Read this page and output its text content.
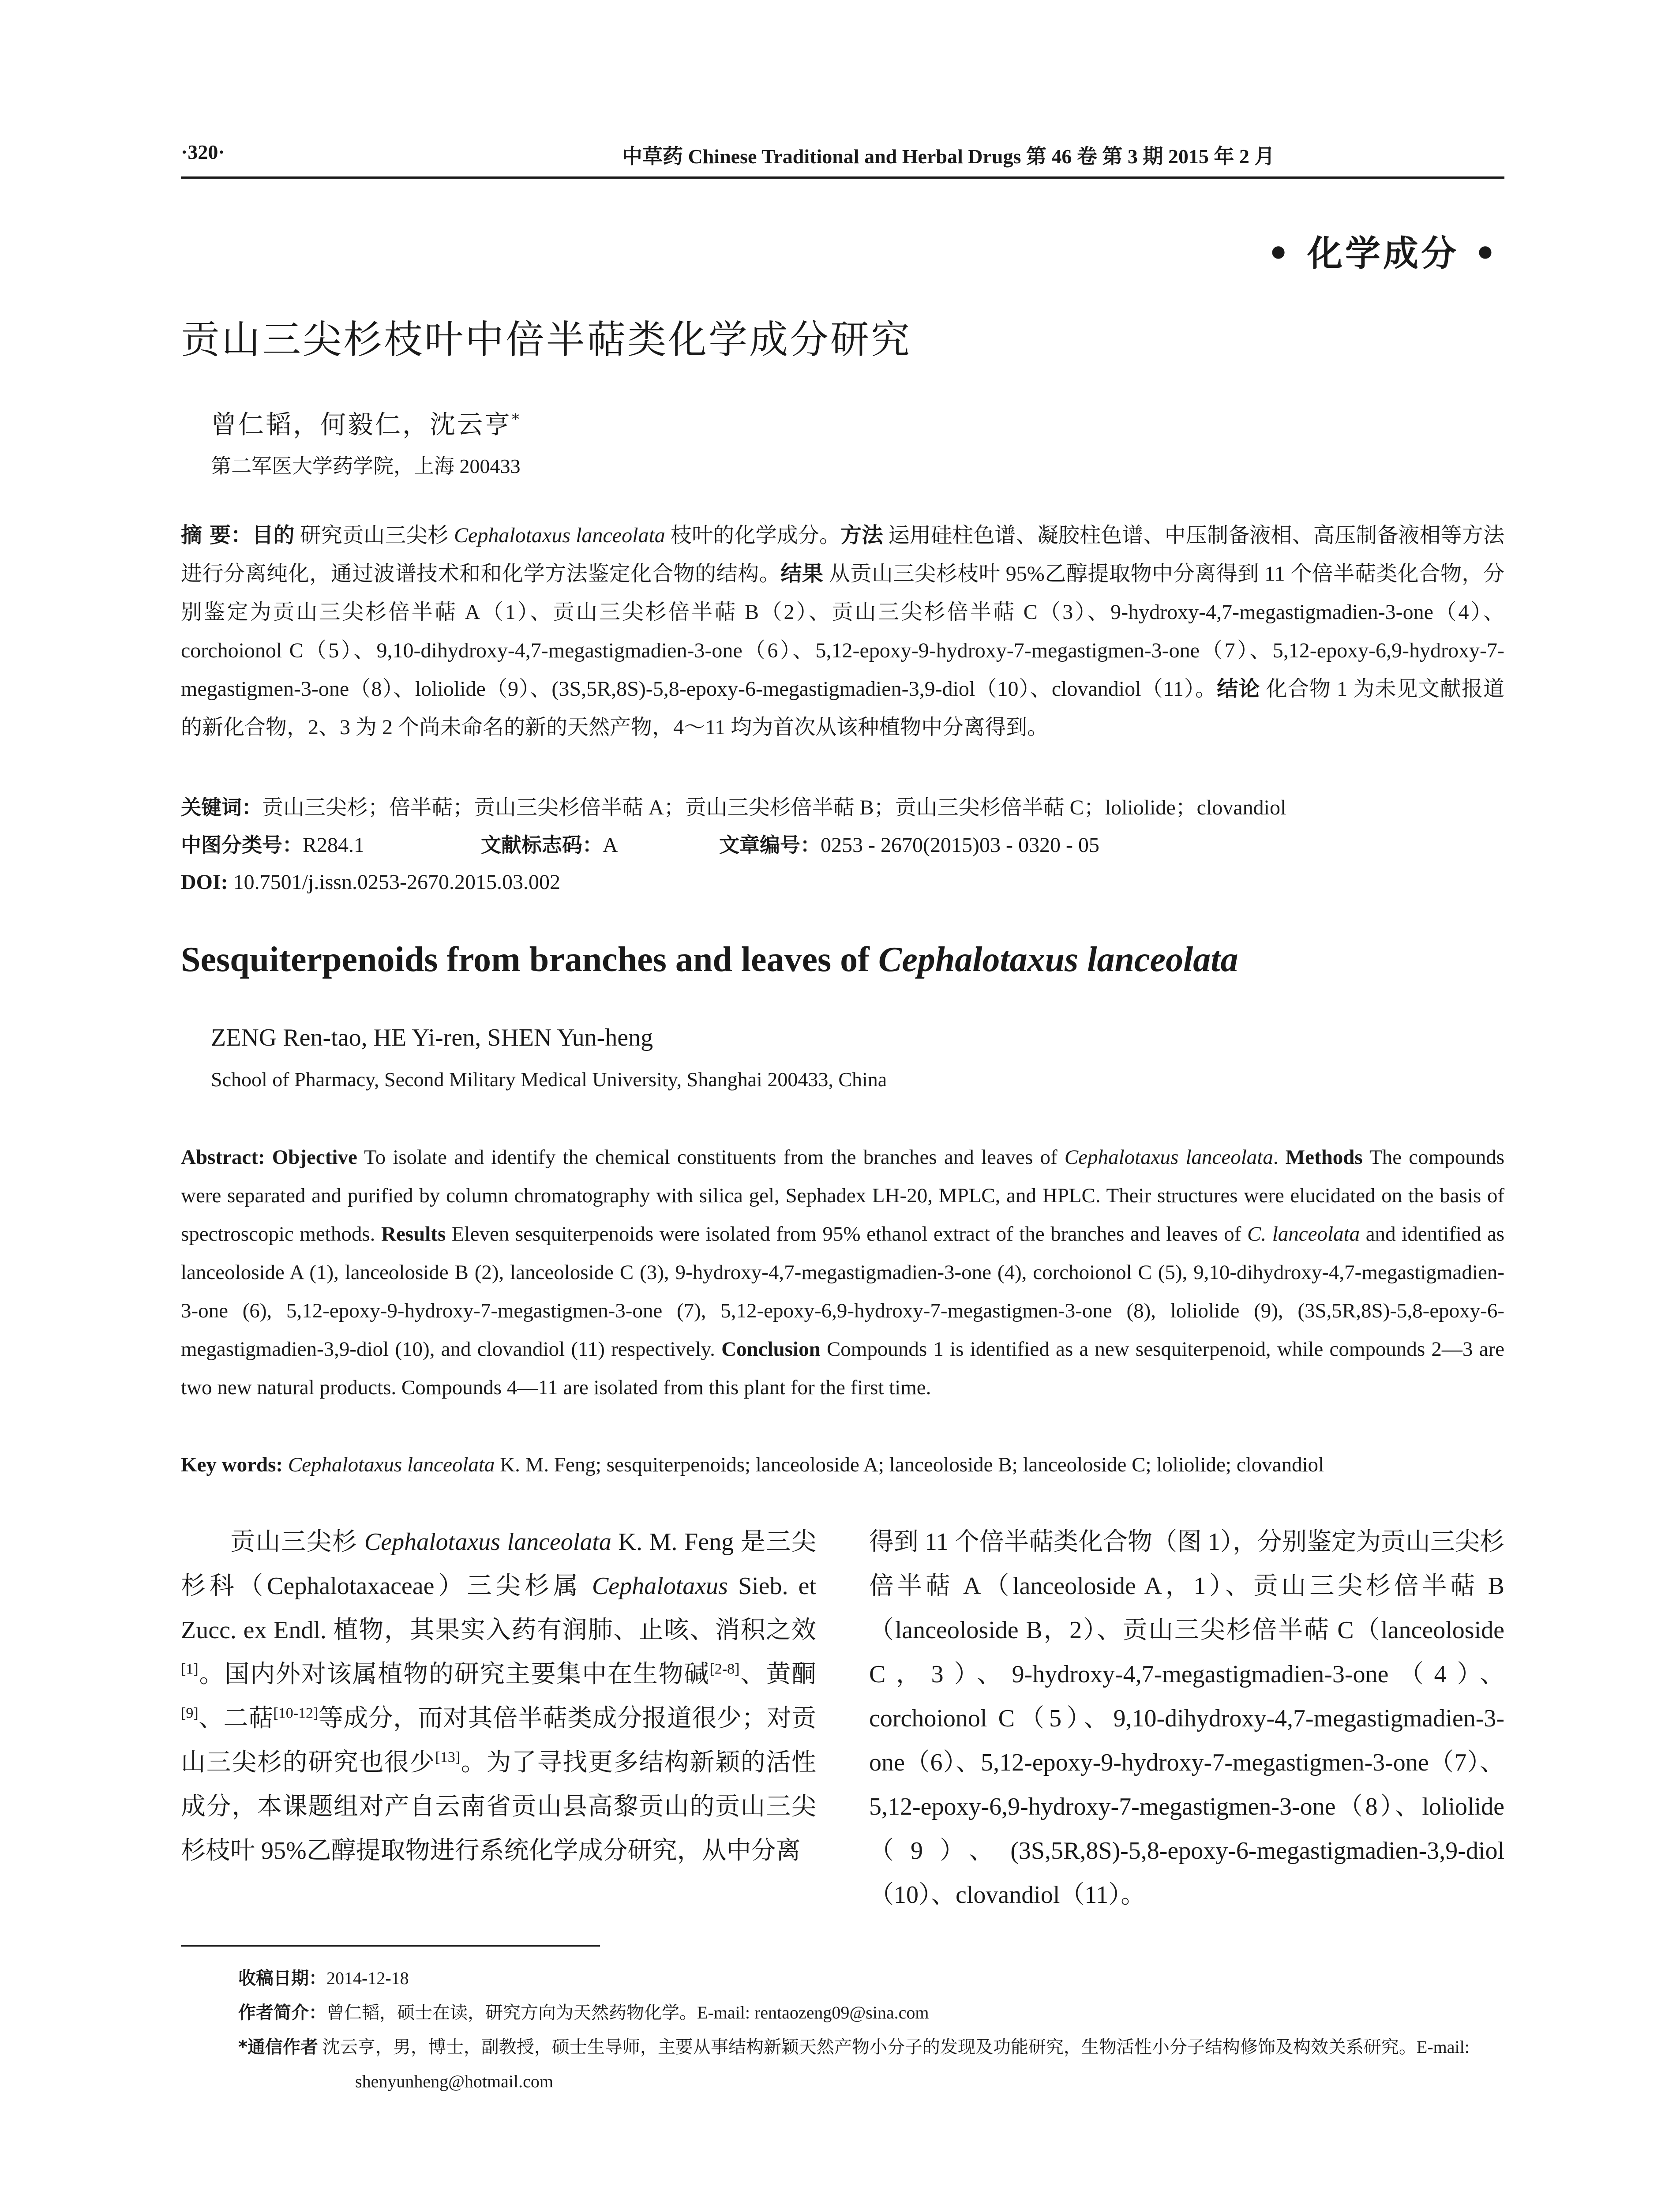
·320·	中草药 Chinese Traditional and Herbal Drugs 第 46 卷 第 3 期 2015 年 2 月
• 化学成分 •
贡山三尖杉枝叶中倍半萜类化学成分研究
曾仁韬，何毅仁，沈云亨*
第二军医大学药学院，上海 200433
摘 要：目的 研究贡山三尖杉 Cephalotaxus lanceolata 枝叶的化学成分。方法 运用硅柱色谱、凝胶柱色谱、中压制备液相、高压制备液相等方法进行分离纯化，通过波谱技术和和化学方法鉴定化合物的结构。结果 从贡山三尖杉枝叶 95%乙醇提取物中分离得到 11 个倍半萜类化合物，分别鉴定为贡山三尖杉倍半萜 A（1）、贡山三尖杉倍半萜 B（2）、贡山三尖杉倍半萜 C（3）、9-hydroxy-4,7-megastigmadien-3-one（4）、corchoionol C（5）、9,10-dihydroxy-4,7-megastigmadien-3-one（6）、5,12-epoxy-9-hydroxy-7-megastigmen-3-one（7）、5,12-epoxy-6,9-hydroxy-7-megastigmen-3-one（8）、loliolide（9）、(3S,5R,8S)-5,8-epoxy-6-megastigmadien-3,9-diol（10）、clovandiol（11）。结论 化合物 1 为未见文献报道的新化合物，2、3 为 2 个尚未命名的新的天然产物，4～11 均为首次从该种植物中分离得到。
关键词：贡山三尖杉；倍半萜；贡山三尖杉倍半萜 A；贡山三尖杉倍半萜 B；贡山三尖杉倍半萜 C；loliolide；clovandiol
中图分类号：R284.1	文献标志码：A	文章编号：0253 - 2670(2015)03 - 0320 - 05
DOI: 10.7501/j.issn.0253-2670.2015.03.002
Sesquiterpenoids from branches and leaves of Cephalotaxus lanceolata
ZENG Ren-tao, HE Yi-ren, SHEN Yun-heng
School of Pharmacy, Second Military Medical University, Shanghai 200433, China
Abstract: Objective To isolate and identify the chemical constituents from the branches and leaves of Cephalotaxus lanceolata. Methods The compounds were separated and purified by column chromatography with silica gel, Sephadex LH-20, MPLC, and HPLC. Their structures were elucidated on the basis of spectroscopic methods. Results Eleven sesquiterpenoids were isolated from 95% ethanol extract of the branches and leaves of C. lanceolata and identified as lanceoloside A (1), lanceoloside B (2), lanceoloside C (3), 9-hydroxy-4,7-megastigmadien-3-one (4), corchoionol C (5), 9,10-dihydroxy-4,7-megastigmadien-3-one (6), 5,12-epoxy-9-hydroxy-7-megastigmen-3-one (7), 5,12-epoxy-6,9-hydroxy-7-megastigmen-3-one (8), loliolide (9), (3S,5R,8S)-5,8-epoxy-6-megastigmadien-3,9-diol (10), and clovandiol (11) respectively. Conclusion Compounds 1 is identified as a new sesquiterpenoid, while compounds 2—3 are two new natural products. Compounds 4—11 are isolated from this plant for the first time.
Key words: Cephalotaxus lanceolata K. M. Feng; sesquiterpenoids; lanceoloside A; lanceoloside B; lanceoloside C; loliolide; clovandiol
贡山三尖杉 Cephalotaxus lanceolata K. M. Feng 是三尖杉科（Cephalotaxaceae）三尖杉属 Cephalotaxus Sieb. et Zucc. ex Endl. 植物，其果实入药有润肺、止咳、消积之效[1]。国内外对该属植物的研究主要集中在生物碱[2-8]、黄酮[9]、二萜[10-12]等成分，而对其倍半萜类成分报道很少；对贡山三尖杉的研究也很少[13]。为了寻找更多结构新颖的活性成分，本课题组对产自云南省贡山县高黎贡山的贡山三尖杉枝叶 95%乙醇提取物进行系统化学成分研究，从中分离
得到 11 个倍半萜类化合物（图 1），分别鉴定为贡山三尖杉倍半萜 A（lanceoloside A，1）、贡山三尖杉倍半萜 B（lanceoloside B，2）、贡山三尖杉倍半萜 C（lanceoloside C，3）、9-hydroxy-4,7-megastigmadien-3-one（4）、corchoionol C（5）、9,10-dihydroxy-4,7-megastigmadien-3-one（6）、5,12-epoxy-9-hydroxy-7-megastigmen-3-one（7）、5,12-epoxy-6,9-hydroxy-7-megastigmen-3-one（8）、loliolide（9）、(3S,5R,8S)-5,8-epoxy-6-megastigmadien-3,9-diol（10）、clovandiol（11）。
收稿日期：2014-12-18
作者简介：曾仁韬，硕士在读，研究方向为天然药物化学。E-mail: rentaozeng09@sina.com
*通信作者 沈云亨，男，博士，副教授，硕士生导师，主要从事结构新颖天然产物小分子的发现及功能研究，生物活性小分子结构修饰及构效关系研究。E-mail: shenyunheng@hotmail.com
